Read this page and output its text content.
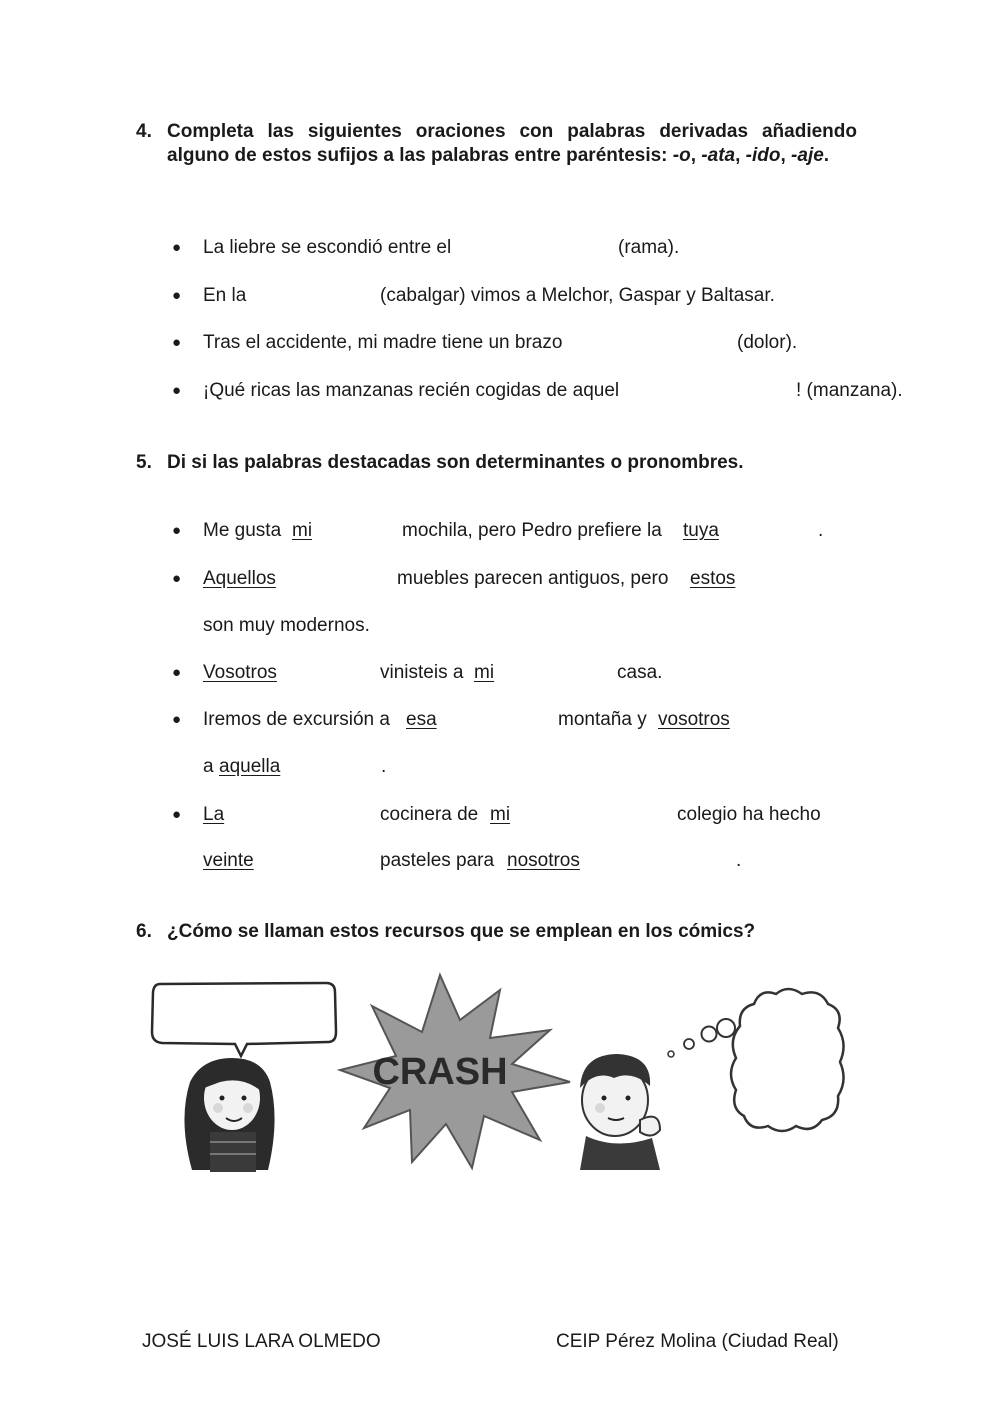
4. Completa las siguientes oraciones con palabras derivadas añadiendo alguno de estos sufijos a las palabras entre paréntesis: -o, -ata, -ido, -aje.
● La liebre se escondió entre el	(rama).
● En la	(cabalgar) vimos a Melchor, Gaspar y Baltasar.
● Tras el accidente, mi madre tiene un brazo	(dolor).
● ¡Qué ricas las manzanas recién cogidas de aquel	! (manzana).
5. Di si las palabras destacadas son determinantes o pronombres.
● Me gusta mi	mochila, pero Pedro prefiere la tuya	.
● Aquellos	muebles parecen antiguos, pero estos
son muy modernos.
● Vosotros	vinisteis a mi	casa.
● Iremos de excursión a esa	montaña y vosotros
a aquella	.
● La	cocinera de mi	colegio ha hecho
veinte	pasteles para nosotros	.
6. ¿Cómo se llaman estos recursos que se emplean en los cómics?
CRASH
JOSÉ LUIS LARA OLMEDO	CEIP Pérez Molina (Ciudad Real)
